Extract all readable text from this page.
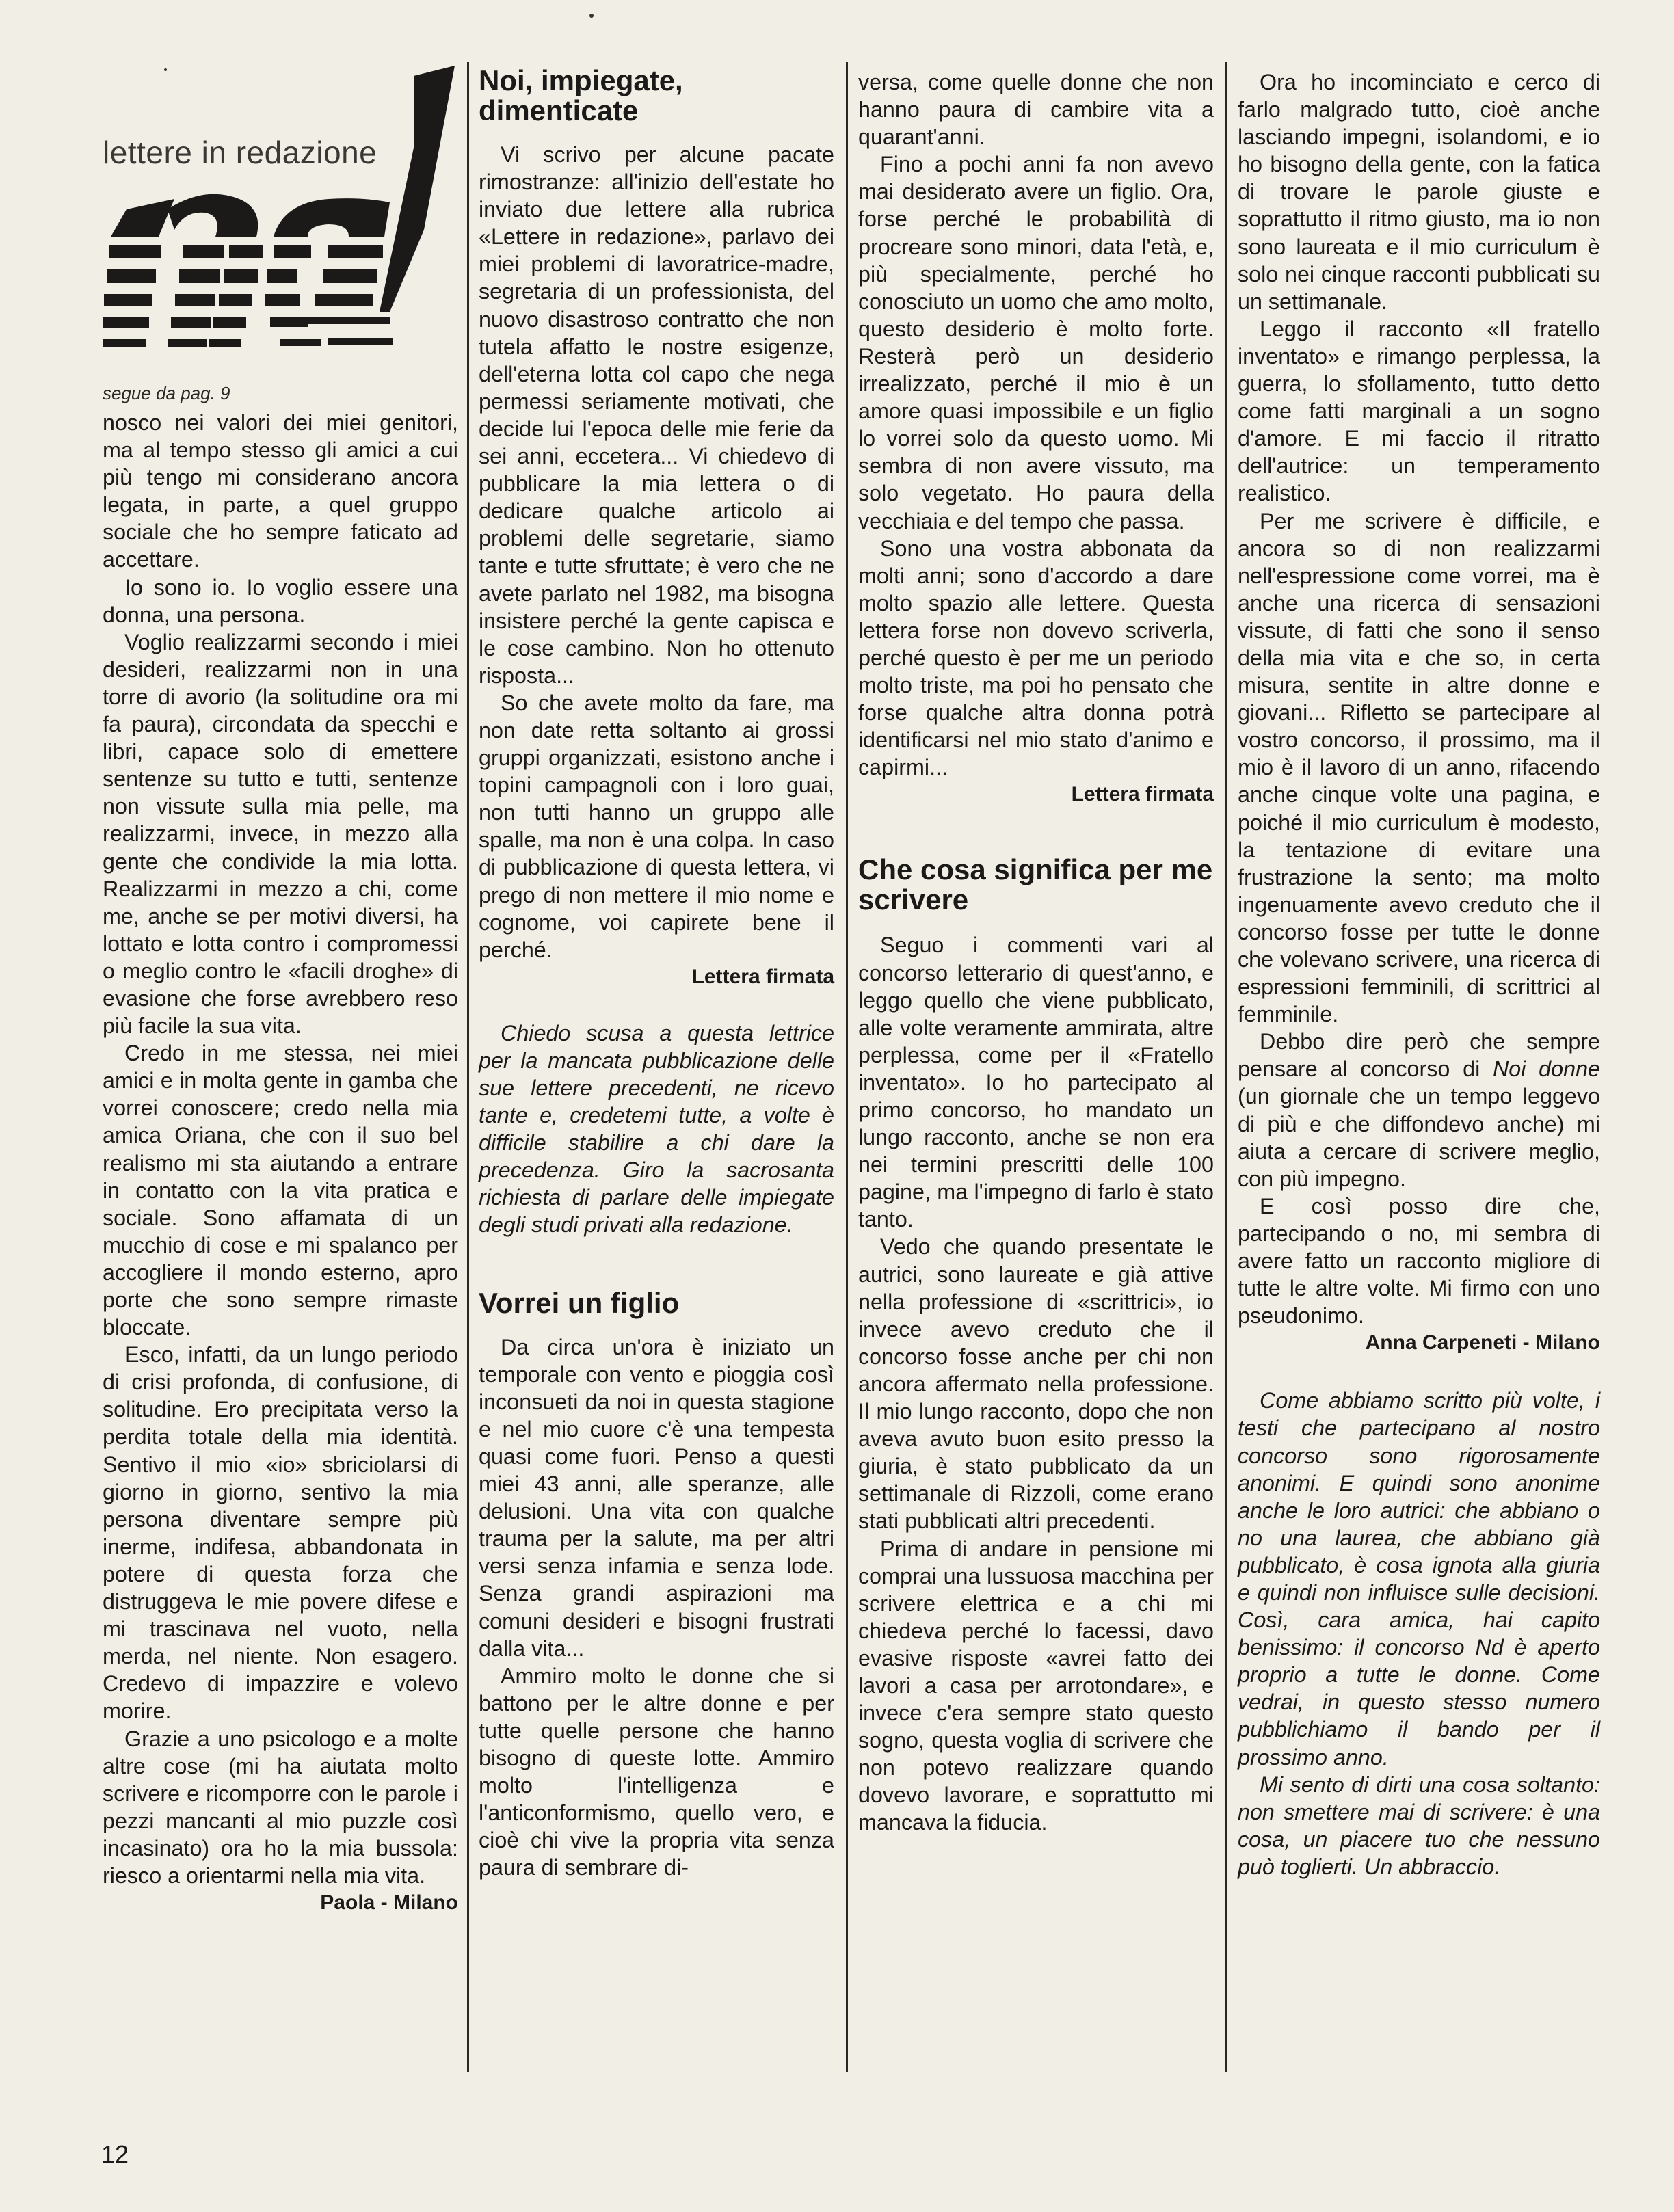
lettere in redazione
segue da pag. 9

nosco nei valori dei miei genitori, ma al tempo stesso gli amici a cui più tengo mi considerano ancora legata, in parte, a quel gruppo sociale che ho sempre faticato ad accettare.

Io sono io. Io voglio essere una donna, una persona.

Voglio realizzarmi secondo i miei desideri, realizzarmi non in una torre di avorio (la solitudine ora mi fa paura), circondata da specchi e libri, capace solo di emettere sentenze su tutto e tutti, sentenze non vissute sulla mia pelle, ma realizzarmi, invece, in mezzo alla gente che condivide la mia lotta. Realizzarmi in mezzo a chi, come me, anche se per motivi diversi, ha lottato e lotta contro i compromessi o meglio contro le «facili droghe» di evasione che forse avrebbero reso più facile la sua vita.

Credo in me stessa, nei miei amici e in molta gente in gamba che vorrei conoscere; credo nella mia amica Oriana, che con il suo bel realismo mi sta aiutando a entrare in contatto con la vita pratica e sociale. Sono affamata di un mucchio di cose e mi spalanco per accogliere il mondo esterno, apro porte che sono sempre rimaste bloccate.

Esco, infatti, da un lungo periodo di crisi profonda, di confusione, di solitudine. Ero precipitata verso la perdita totale della mia identità. Sentivo il mio «io» sbriciolarsi di giorno in giorno, sentivo la mia persona diventare sempre più inerme, indifesa, abbandonata in potere di questa forza che distruggeva le mie povere difese e mi trascinava nel vuoto, nella merda, nel niente. Non esagero. Credevo di impazzire e volevo morire.

Grazie a uno psicologo e a molte altre cose (mi ha aiutata molto scrivere e ricomporre con le parole i pezzi mancanti al mio puzzle così incasinato) ora ho la mia bussola: riesco a orientarmi nella mia vita.

Paola - Milano
Noi, impiegate, dimenticate

Vi scrivo per alcune pacate rimostranze: all'inizio dell'estate ho inviato due lettere alla rubrica «Lettere in redazione», parlavo dei miei problemi di lavoratrice-madre, segretaria di un professionista, del nuovo disastroso contratto che non tutela affatto le nostre esigenze, dell'eterna lotta col capo che nega permessi seriamente motivati, che decide lui l'epoca delle mie ferie da sei anni, eccetera... Vi chiedevo di pubblicare la mia lettera o di dedicare qualche articolo ai problemi delle segretarie, siamo tante e tutte sfruttate; è vero che ne avete parlato nel 1982, ma bisogna insistere perché la gente capisca e le cose cambino. Non ho ottenuto risposta...

So che avete molto da fare, ma non date retta soltanto ai grossi gruppi organizzati, esistono anche i topini campagnoli con i loro guai, non tutti hanno un gruppo alle spalle, ma non è una colpa. In caso di pubblicazione di questa lettera, vi prego di non mettere il mio nome e cognome, voi capirete bene il perché.

Lettera firmata

Chiedo scusa a questa lettrice per la mancata pubblicazione delle sue lettere precedenti, ne ricevo tante e, credetemi tutte, a volte è difficile stabilire a chi dare la precedenza. Giro la sacrosanta richiesta di parlare delle impiegate degli studi privati alla redazione.

Vorrei un figlio

Da circa un'ora è iniziato un temporale con vento e pioggia così inconsueti da noi in questa stagione e nel mio cuore c'è una tempesta quasi come fuori. Penso a questi miei 43 anni, alle speranze, alle delusioni. Una vita con qualche trauma per la salute, ma per altri versi senza infamia e senza lode. Senza grandi aspirazioni ma comuni desideri e bisogni frustrati dalla vita...

Ammiro molto le donne che si battono per le altre donne e per tutte quelle persone che hanno bisogno di queste lotte. Ammiro molto l'intelligenza e l'anticonformismo, quello vero, e cioè chi vive la propria vita senza paura di sembrare di-

versa, come quelle donne che non hanno paura di cambire vita a quarant'anni.

Fino a pochi anni fa non avevo mai desiderato avere un figlio. Ora, forse perché le probabilità di procreare sono minori, data l'età, e, più specialmente, perché ho conosciuto un uomo che amo molto, questo desiderio è molto forte. Resterà però un desiderio irrealizzato, perché il mio è un amore quasi impossibile e un figlio lo vorrei solo da questo uomo. Mi sembra di non avere vissuto, ma solo vegetato. Ho paura della vecchiaia e del tempo che passa.

Sono una vostra abbonata da molti anni; sono d'accordo a dare molto spazio alle lettere. Questa lettera forse non dovevo scriverla, perché questo è per me un periodo molto triste, ma poi ho pensato che forse qualche altra donna potrà identificarsi nel mio stato d'animo e capirmi...

Lettera firmata
Che cosa significa per me scrivere

Seguo i commenti vari al concorso letterario di quest'anno, e leggo quello che viene pubblicato, alle volte veramente ammirata, altre perplessa, come per il «Fratello inventato». Io ho partecipato al primo concorso, ho mandato un lungo racconto, anche se non era nei termini prescritti delle 100 pagine, ma l'impegno di farlo è stato tanto.

Vedo che quando presentate le autrici, sono laureate e già attive nella professione di «scrittrici», io invece avevo creduto che il concorso fosse anche per chi non ancora affermato nella professione. Il mio lungo racconto, dopo che non aveva avuto buon esito presso la giuria, è stato pubblicato da un settimanale di Rizzoli, come erano stati pubblicati altri precedenti.

Prima di andare in pensione mi comprai una lussuosa macchina per scrivere elettrica e a chi mi chiedeva perché lo facessi, davo evasive risposte «avrei fatto dei lavori a casa per arrotondare», e invece c'era sempre stato questo sogno, questa voglia di scrivere che non potevo realizzare quando dovevo lavorare, e soprattutto mi mancava la fiducia.

Ora ho incominciato e cerco di farlo malgrado tutto, cioè anche lasciando impegni, isolandomi, e io ho bisogno della gente, con la fatica di trovare le parole giuste e soprattutto il ritmo giusto, ma io non sono laureata e il mio curriculum è solo nei cinque racconti pubblicati su un settimanale.

Leggo il racconto «Il fratello inventato» e rimango perplessa, la guerra, lo sfollamento, tutto detto come fatti marginali a un sogno d'amore. E mi faccio il ritratto dell'autrice: un temperamento realistico.

Per me scrivere è difficile, e ancora so di non realizzarmi nell'espressione come vorrei, ma è anche una ricerca di sensazioni vissute, di fatti che sono il senso della mia vita e che so, in certa misura, sentite in altre donne e giovani... Rifletto se partecipare al vostro concorso, il prossimo, ma il mio è il lavoro di un anno, rifacendo anche cinque volte una pagina, e poiché il mio curriculum è modesto, la tentazione di evitare una frustrazione la sento; ma molto ingenuamente avevo creduto che il concorso fosse per tutte le donne che volevano scrivere, una ricerca di espressioni femminili, di scrittrici al femminile.

Debbo dire però che sempre pensare al concorso di Noi donne (un giornale che un tempo leggevo di più e che diffondevo anche) mi aiuta a cercare di scrivere meglio, con più impegno.

E così posso dire che, partecipando o no, mi sembra di avere fatto un racconto migliore di tutte le altre volte. Mi firmo con uno pseudonimo.

Anna Carpeneti - Milano

Come abbiamo scritto più volte, i testi che partecipano al nostro concorso sono rigorosamente anonimi. E quindi sono anonime anche le loro autrici: che abbiano o no una laurea, che abbiano già pubblicato, è cosa ignota alla giuria e quindi non influisce sulle decisioni. Così, cara amica, hai capito benissimo: il concorso Nd è aperto proprio a tutte le donne. Come vedrai, in questo stesso numero pubblichiamo il bando per il prossimo anno.

Mi sento di dirti una cosa soltanto: non smettere mai di scrivere: è una cosa, un piacere tuo che nessuno può toglierti. Un abbraccio.

12
